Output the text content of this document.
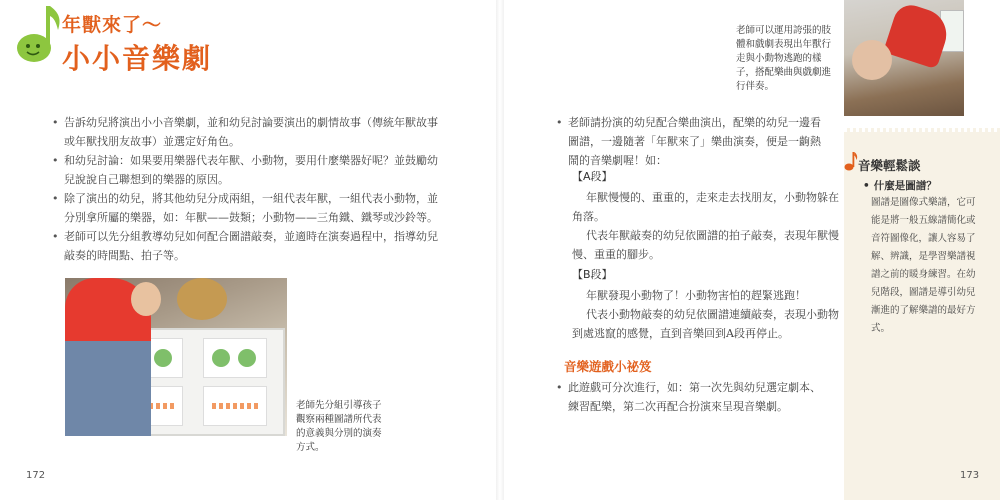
年獸來了～
小小音樂劇
• 告訴幼兒將演出小小音樂劇，並和幼兒討論要演出的劇情故事（傳統年獸故事或年獸找朋友故事）並選定好角色。
• 和幼兒討論：如果要用樂器代表年獸、小動物，要用什麼樂器好呢？並鼓勵幼兒說說自己聯想到的樂器的原因。
• 除了演出的幼兒，將其他幼兒分成兩組，一組代表年獸，一組代表小動物，並分別拿所屬的樂器，如：年獸——鼓類；小動物——三角鐵、鐵琴或沙鈴等。
• 老師可以先分組教導幼兒如何配合圖譜敲奏，並適時在演奏過程中，指導幼兒敲奏的時間點、拍子等。
老師先分組引導孩子觀察兩種圖譜所代表的意義與分別的演奏方式。
172
老師可以運用誇張的肢體和戲劇表現出年獸行走與小動物逃跑的樣子，搭配樂曲與戲劇進行伴奏。
• 老師請扮演的幼兒配合樂曲演出，配樂的幼兒一邊看圖譜，一邊隨著「年獸來了」樂曲演奏，便是一齣熱鬧的音樂劇喔！如：
【A段】
年獸慢慢的、重重的，走來走去找朋友，小動物躲在
角落。
代表年獸敲奏的幼兒依圖譜的拍子敲奏，表現年獸慢
慢、重重的腳步。
【B段】
年獸發現小動物了！小動物害怕的趕緊逃跑！
代表小動物敲奏的幼兒依圖譜連續敲奏，表現小動物
到處逃竄的感覺，直到音樂回到A段再停止。
音樂遊戲小祕笈
• 此遊戲可分次進行，如：第一次先與幼兒選定劇本、練習配樂，第二次再配合扮演來呈現音樂劇。
音樂輕鬆談
• 什麼是圖譜？
圖譜是圖像式樂譜，它可能是將一般五線譜簡化或音符圖像化，讓人容易了解、辨識，是學習樂譜視譜之前的暖身練習。在幼兒階段，圖譜是導引幼兒漸進的了解樂譜的最好方式。
173
